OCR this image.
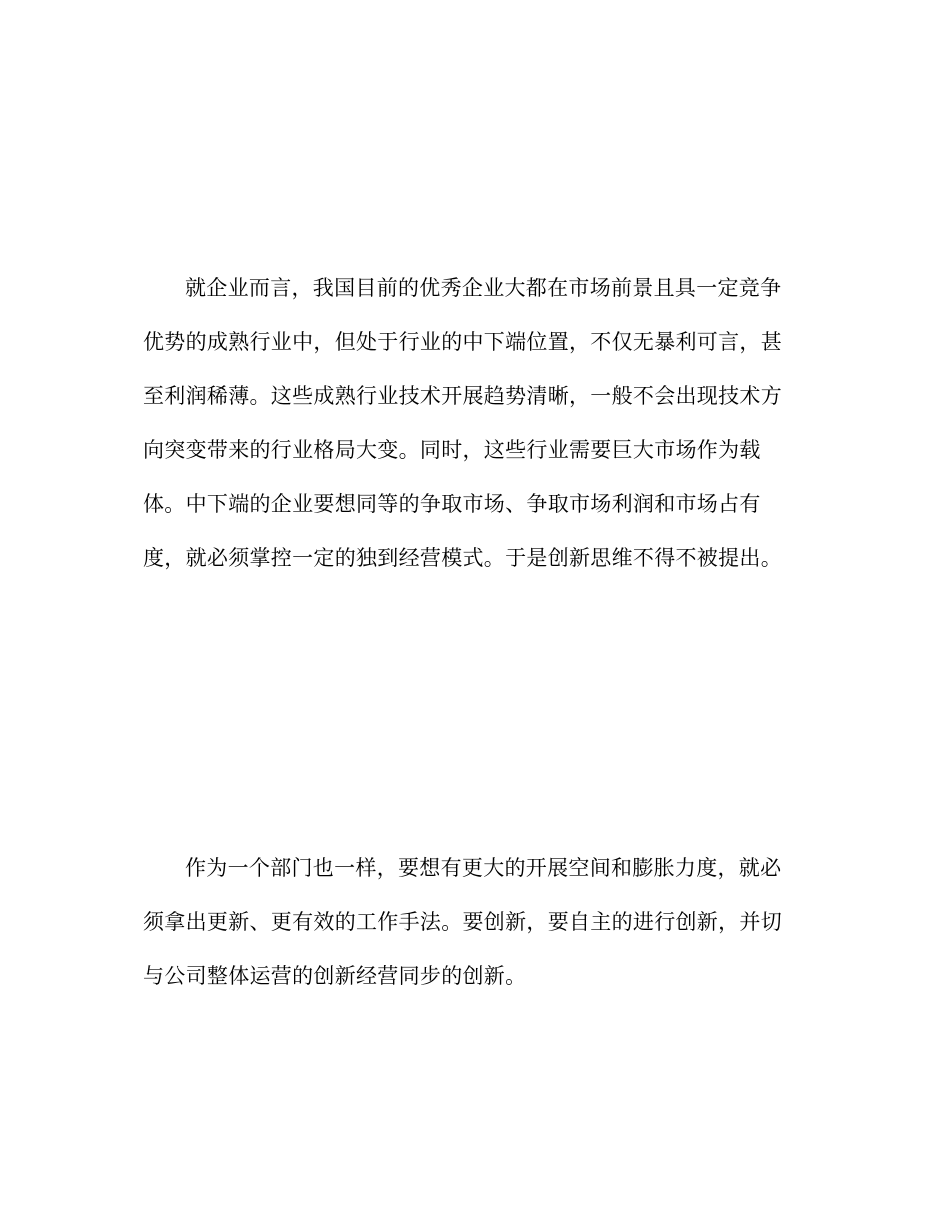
就企业而言，我国目前的优秀企业大都在市场前景且具一定竞争
优势的成熟行业中，但处于行业的中下端位置，不仅无暴利可言，甚
至利润稀薄。这些成熟行业技术开展趋势清晰，一般不会出现技术方
向突变带来的行业格局大变。同时，这些行业需要巨大市场作为载
体。中下端的企业要想同等的争取市场、争取市场利润和市场占有
度，就必须掌控一定的独到经营模式。于是创新思维不得不被提出。
作为一个部门也一样，要想有更大的开展空间和膨胀力度，就必
须拿出更新、更有效的工作手法。要创新，要自主的进行创新，并切
与公司整体运营的创新经营同步的创新。
